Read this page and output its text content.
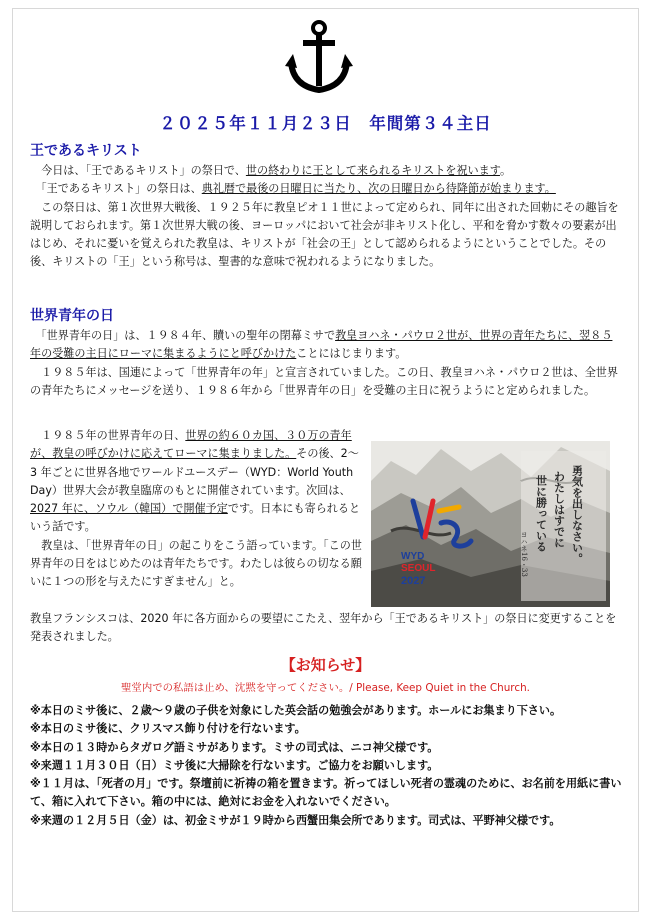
２０２５年１１月２３日　年間第３４主日
王であるキリスト

　今日は、「王であるキリスト」の祭日で、世の終わりに王として来られるキリストを祝います。

　「王であるキリスト」の祭日は、典礼暦で最後の日曜日に当たり、次の日曜日から待降節が始まります。

　この祭日は、第１次世界大戦後、１９２５年に教皇ピオ１１世によって定められ、同年に出された回勅にその趣旨を説明しておられます。第１次世界大戦の後、ヨーロッパにおいて社会が非キリスト化し、平和を脅かす数々の要素が出はじめ、それに憂いを覚えられた教皇は、キリストが「社会の王」として認められるようにということでした。その後、キリストの「王」という称号は、聖書的な意味で祝われるようになりました。

世界青年の日

　「世界青年の日」は、１９８４年、贖いの聖年の閉幕ミサで教皇ヨハネ・パウロ２世が、世界の青年たちに、翌８５年の受難の主日にローマに集まるようにと呼びかけたことにはじまります。

　１９８５年は、国連によって「世界青年の年」と宣言されていました。この日、教皇ヨハネ・パウロ２世は、全世界の青年たちにメッセージを送り、１９８６年から「世界青年の日」を受難の主日に祝うようにと定められました。

　１９８５年の世界青年の日、世界の約６０カ国、３０万の青年が、教皇の呼びかけに応えてローマに集まりました。その後、2～3 年ごとに世界各地でワールドユースデー（WYD：World Youth Day）世界大会が教皇臨席のもとに開催されています。次回は、2027 年に、ソウル（韓国）で開催予定です。日本にも寄られるという話です。

　教皇は、「世界青年の日」の起こりをこう語っています。「この世界青年の日をはじめたのは青年たちです。わたしは彼らの切なる願いに１つの形を与えたにすぎません」と。

WYD
SEOUL
2027
勇気を出しなさい。
わたしはすでに
世に勝っている
ヨハネ16・33

教皇フランシスコは、2020 年に各方面からの要望にこたえ、翌年から「王であるキリスト」の祭日に変更することを発表されました。

【お知らせ】
聖堂内での私語は止め、沈黙を守ってください。/ Please, Keep Quiet in the Church.

※本日のミサ後に、２歳〜９歳の子供を対象にした英会話の勉強会があります。ホールにお集まり下さい。

※本日のミサ後に、クリスマス飾り付けを行ないます。

※本日の１３時からタガログ語ミサがあります。ミサの司式は、ニコ神父様です。

※来週１１月３０日（日）ミサ後に大掃除を行ないます。ご協力をお願いします。

※１１月は、「死者の月」です。祭壇前に祈祷の箱を置きます。祈ってほしい死者の霊魂のために、お名前を用紙に書いて、箱に入れて下さい。箱の中には、絶対にお金を入れないでください。

※来週の１２月５日（金）は、初金ミサが１９時から西蟹田集会所であります。司式は、平野神父様です。
